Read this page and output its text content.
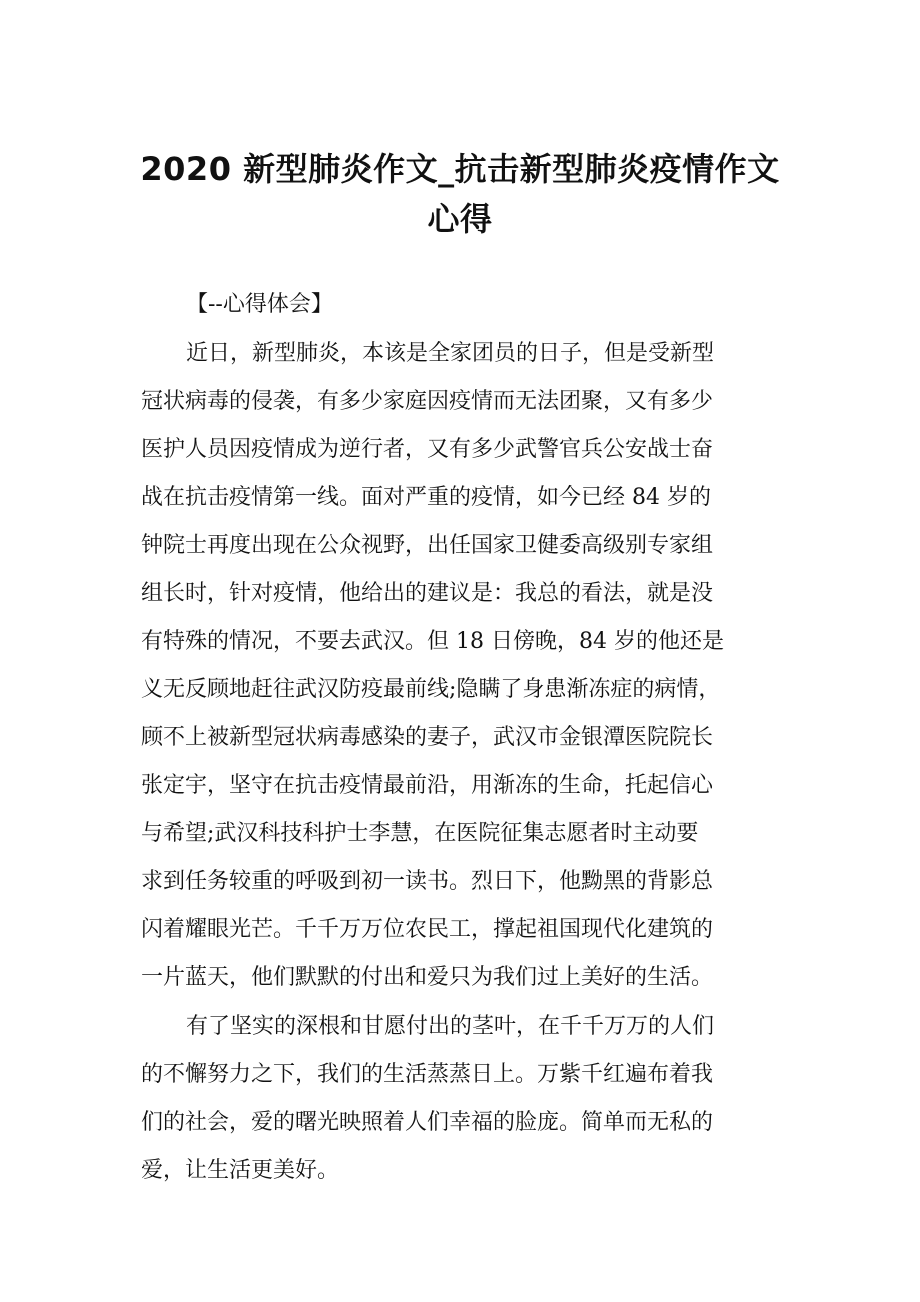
2020 新型肺炎作文_抗击新型肺炎疫情作文
心得
【--心得体会】
近日，新型肺炎，本该是全家团员的日子，但是受新型
冠状病毒的侵袭，有多少家庭因疫情而无法团聚，又有多少
医护人员因疫情成为逆行者，又有多少武警官兵公安战士奋
战在抗击疫情第一线。面对严重的疫情，如今已经 84 岁的
钟院士再度出现在公众视野，出任国家卫健委高级别专家组
组长时，针对疫情，他给出的建议是：我总的看法，就是没
有特殊的情况，不要去武汉。但 18 日傍晚，84 岁的他还是
义无反顾地赶往武汉防疫最前线;隐瞒了身患渐冻症的病情，
顾不上被新型冠状病毒感染的妻子，武汉市金银潭医院院长
张定宇，坚守在抗击疫情最前沿，用渐冻的生命，托起信心
与希望;武汉科技科护士李慧，在医院征集志愿者时主动要
求到任务较重的呼吸到初一读书。烈日下，他黝黑的背影总
闪着耀眼光芒。千千万万位农民工，撑起祖国现代化建筑的
一片蓝天，他们默默的付出和爱只为我们过上美好的生活。
有了坚实的深根和甘愿付出的茎叶，在千千万万的人们
的不懈努力之下，我们的生活蒸蒸日上。万紫千红遍布着我
们的社会，爱的曙光映照着人们幸福的脸庞。简单而无私的
爱，让生活更美好。
